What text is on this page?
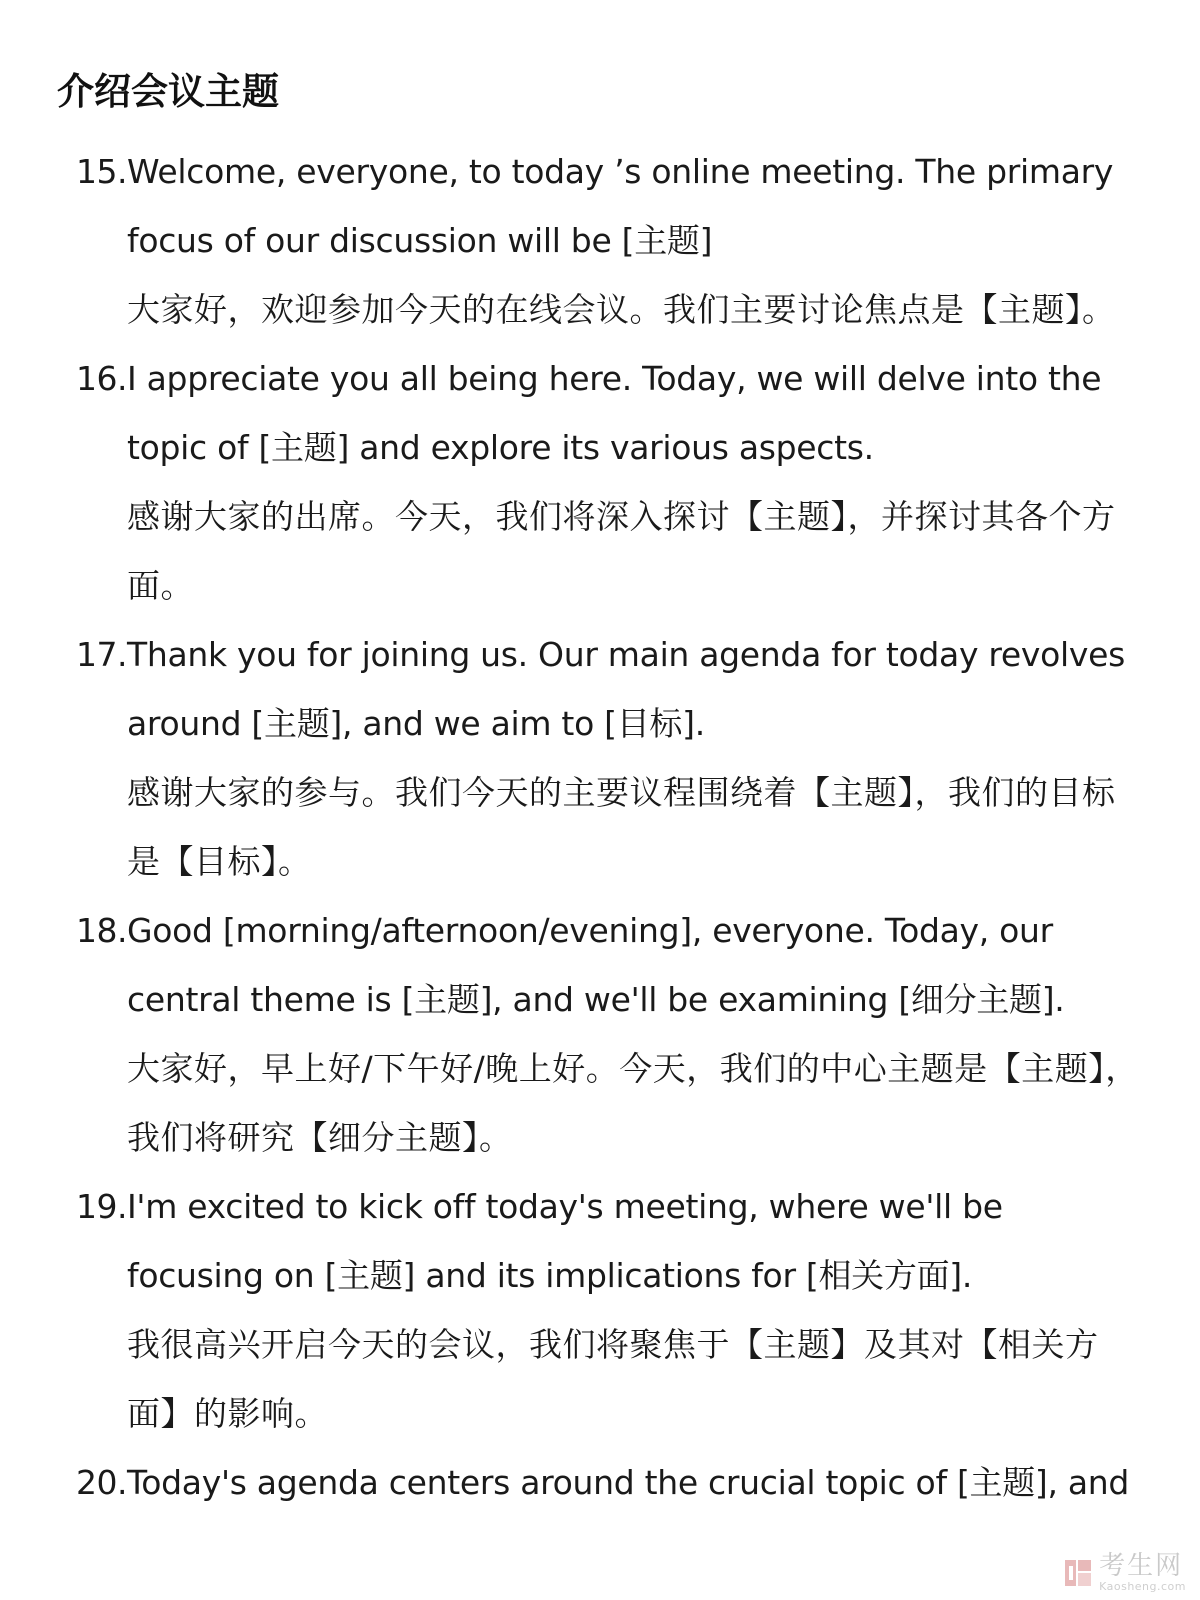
介绍会议主题
15. Welcome, everyone, to today ’s online meeting. The primary focus of our discussion will be [主题]

大家好，欢迎参加今天的在线会议。我们主要讨论焦点是【主题】。

16. I appreciate you all being here. Today, we will delve into the topic of [主题] and explore its various aspects.

感谢大家的出席。今天，我们将深入探讨【主题】，并探讨其各个方面。

17. Thank you for joining us. Our main agenda for today revolves around [主题], and we aim to [目标].

感谢大家的参与。我们今天的主要议程围绕着【主题】，我们的目标是【目标】。

18. Good [morning/afternoon/evening], everyone. Today, our central theme is [主题], and we'll be examining [细分主题].

大家好，早上好/下午好/晚上好。今天，我们的中心主题是【主题】，我们将研究【细分主题】。

19. I'm excited to kick off today's meeting, where we'll be focusing on [主题] and its implications for [相关方面].

我很高兴开启今天的会议，我们将聚焦于【主题】及其对【相关方面】的影响。

20. Today's agenda centers around the crucial topic of [主题], and

考生网
Kaosheng.com
